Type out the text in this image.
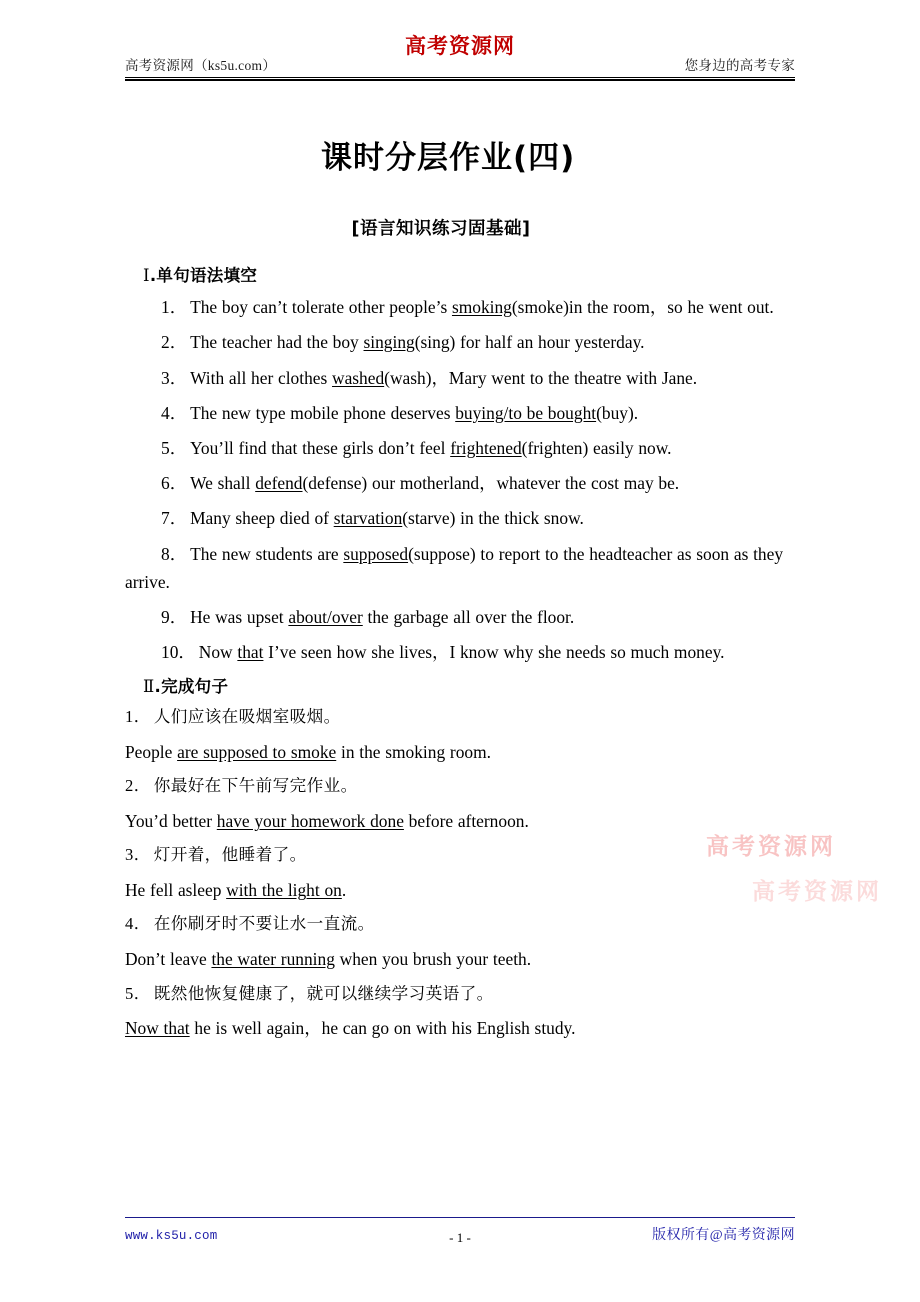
高考资源网（ks5u.com）
高考资源网
您身边的高考专家
课时分层作业(四)
[语言知识练习固基础]
Ⅰ.单句语法填空

1． The boy can’t tolerate other people’s smoking(smoke)in the room，so he went out.

2． The teacher had the boy singing(sing) for half an hour yesterday.

3． With all her clothes washed(wash)，Mary went to the theatre with Jane.

4． The new type mobile phone deserves buying/to be bought(buy).

5． You’ll find that these girls don’t feel frightened(frighten) easily now.

6． We shall defend(defense) our motherland，whatever the cost may be.

7． Many sheep died of starvation(starve) in the thick snow.

8． The new students are supposed(suppose) to report to the headteacher as soon as they arrive.

9． He was upset about/over the garbage all over the floor.

10． Now that I’ve seen how she lives，I know why she needs so much money.

Ⅱ.完成句子

1． 人们应该在吸烟室吸烟。

People are supposed to smoke in the smoking room.

2． 你最好在下午前写完作业。

You’d better have your homework done before afternoon.

3． 灯开着，他睡着了。

He fell asleep with the light on.

4． 在你刷牙时不要让水一直流。

Don’t leave the water running when you brush your teeth.

5． 既然他恢复健康了，就可以继续学习英语了。

Now that he is well again，he can go on with his English study.

高考资源网
高考资源网
www.ks5u.com	- 1 -	版权所有@高考资源网
